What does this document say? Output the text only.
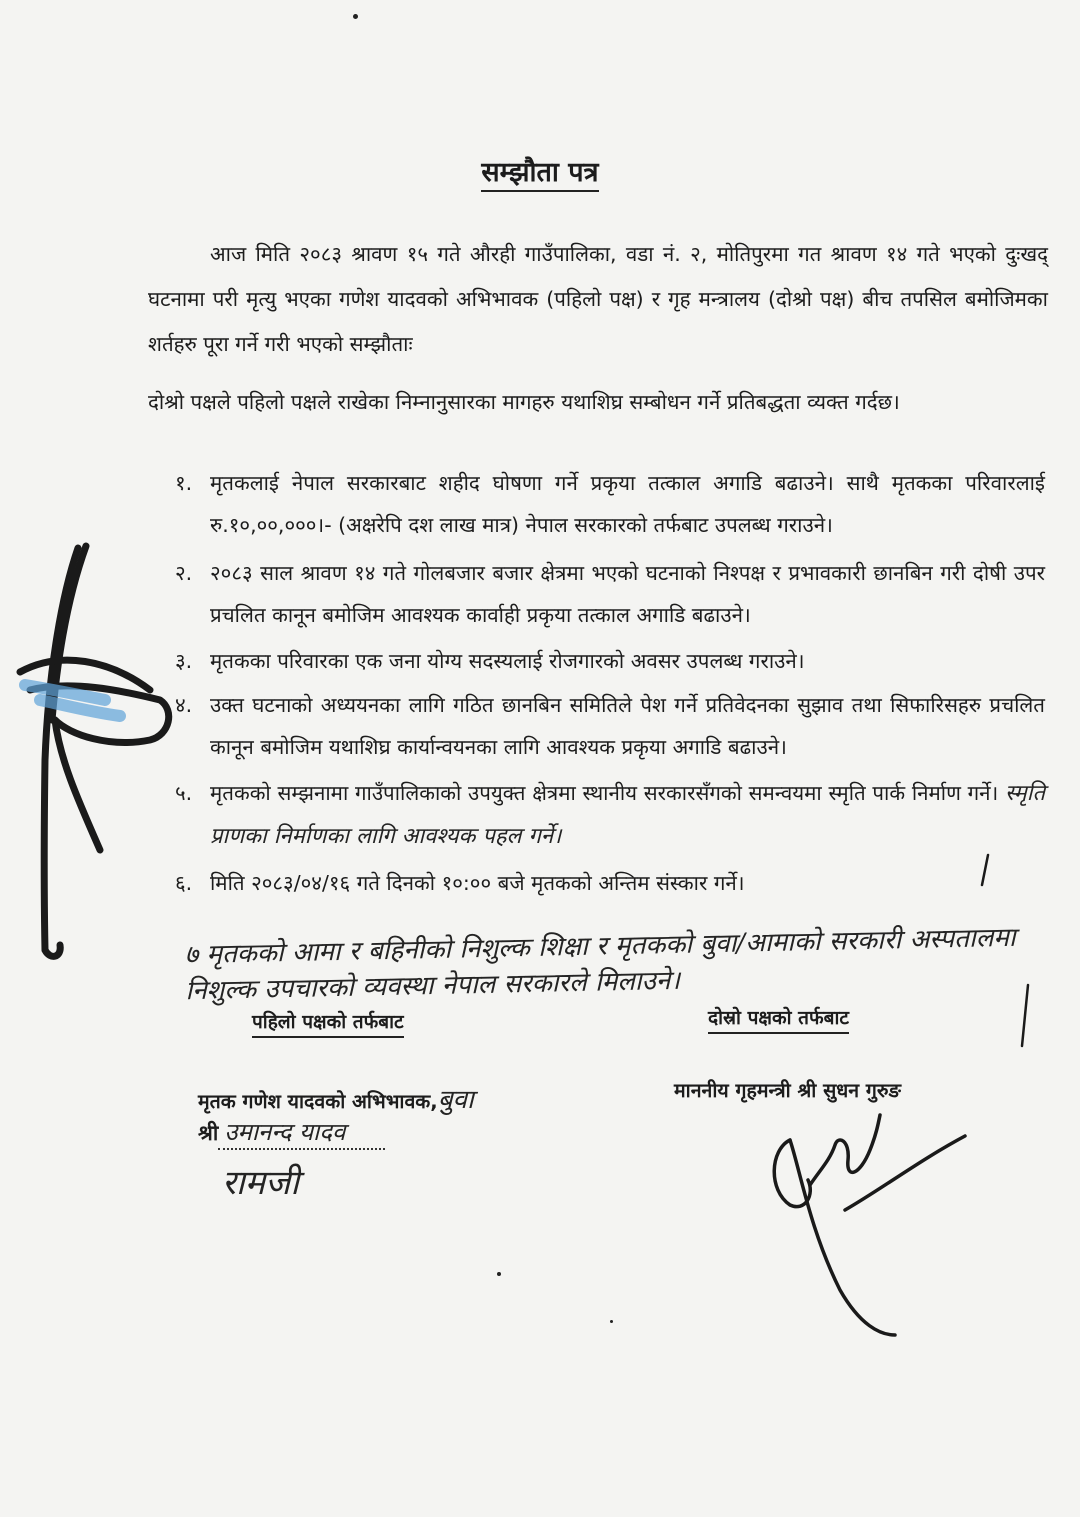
सम्झौता पत्र
आज मिति २०८३ श्रावण १५ गते औरही गाउँपालिका, वडा नं. २, मोतिपुरमा गत श्रावण १४ गते भएको दुःखद् घटनामा परी मृत्यु भएका गणेश यादवको अभिभावक (पहिलो पक्ष) र गृह मन्त्रालय (दोश्रो पक्ष) बीच तपसिल बमोजिमका शर्तहरु पूरा गर्ने गरी भएको सम्झौताः
दोश्रो पक्षले पहिलो पक्षले राखेका निम्नानुसारका मागहरु यथाशिघ्र सम्बोधन गर्ने प्रतिबद्धता व्यक्त गर्दछ।
१. मृतकलाई नेपाल सरकारबाट शहीद घोषणा गर्ने प्रकृया तत्काल अगाडि बढाउने। साथै मृतकका परिवारलाई रु.१०,००,०००।- (अक्षरेपि दश लाख मात्र) नेपाल सरकारको तर्फबाट उपलब्ध गराउने।
२. २०८३ साल श्रावण १४ गते गोलबजार बजार क्षेत्रमा भएको घटनाको निश्पक्ष र प्रभावकारी छानबिन गरी दोषी उपर प्रचलित कानून बमोजिम आवश्यक कार्वाही प्रकृया तत्काल अगाडि बढाउने।
३. मृतकका परिवारका एक जना योग्य सदस्यलाई रोजगारको अवसर उपलब्ध गराउने।
४. उक्त घटनाको अध्ययनका लागि गठित छानबिन समितिले पेश गर्ने प्रतिवेदनका सुझाव तथा सिफारिसहरु प्रचलित कानून बमोजिम यथाशिघ्र कार्यान्वयनका लागि आवश्यक प्रकृया अगाडि बढाउने।
५. मृतकको सम्झनामा गाउँपालिकाको उपयुक्त क्षेत्रमा स्थानीय सरकारसँगको समन्वयमा स्मृति पार्क निर्माण गर्ने। स्मृति प्राणका निर्माणका लागि आवश्यक पहल गर्ने।
६. मिति २०८३/०४/१६ गते दिनको १०:०० बजे मृतकको अन्तिम संस्कार गर्ने।
७ मृतकको आमा र बहिनीको निशुल्क शिक्षा र मृतकको बुवा/आमाको सरकारी अस्पतालमा निशुल्क उपचारको व्यवस्था नेपाल सरकारले मिलाउने।
पहिलो पक्षको तर्फबाट	दोस्रो पक्षको तर्फबाट
मृतक गणेश यादवको अभिभावक,बुवा
श्री उमानन्द यादव
रामजी
माननीय गृहमन्त्री श्री सुधन गुरुङ
